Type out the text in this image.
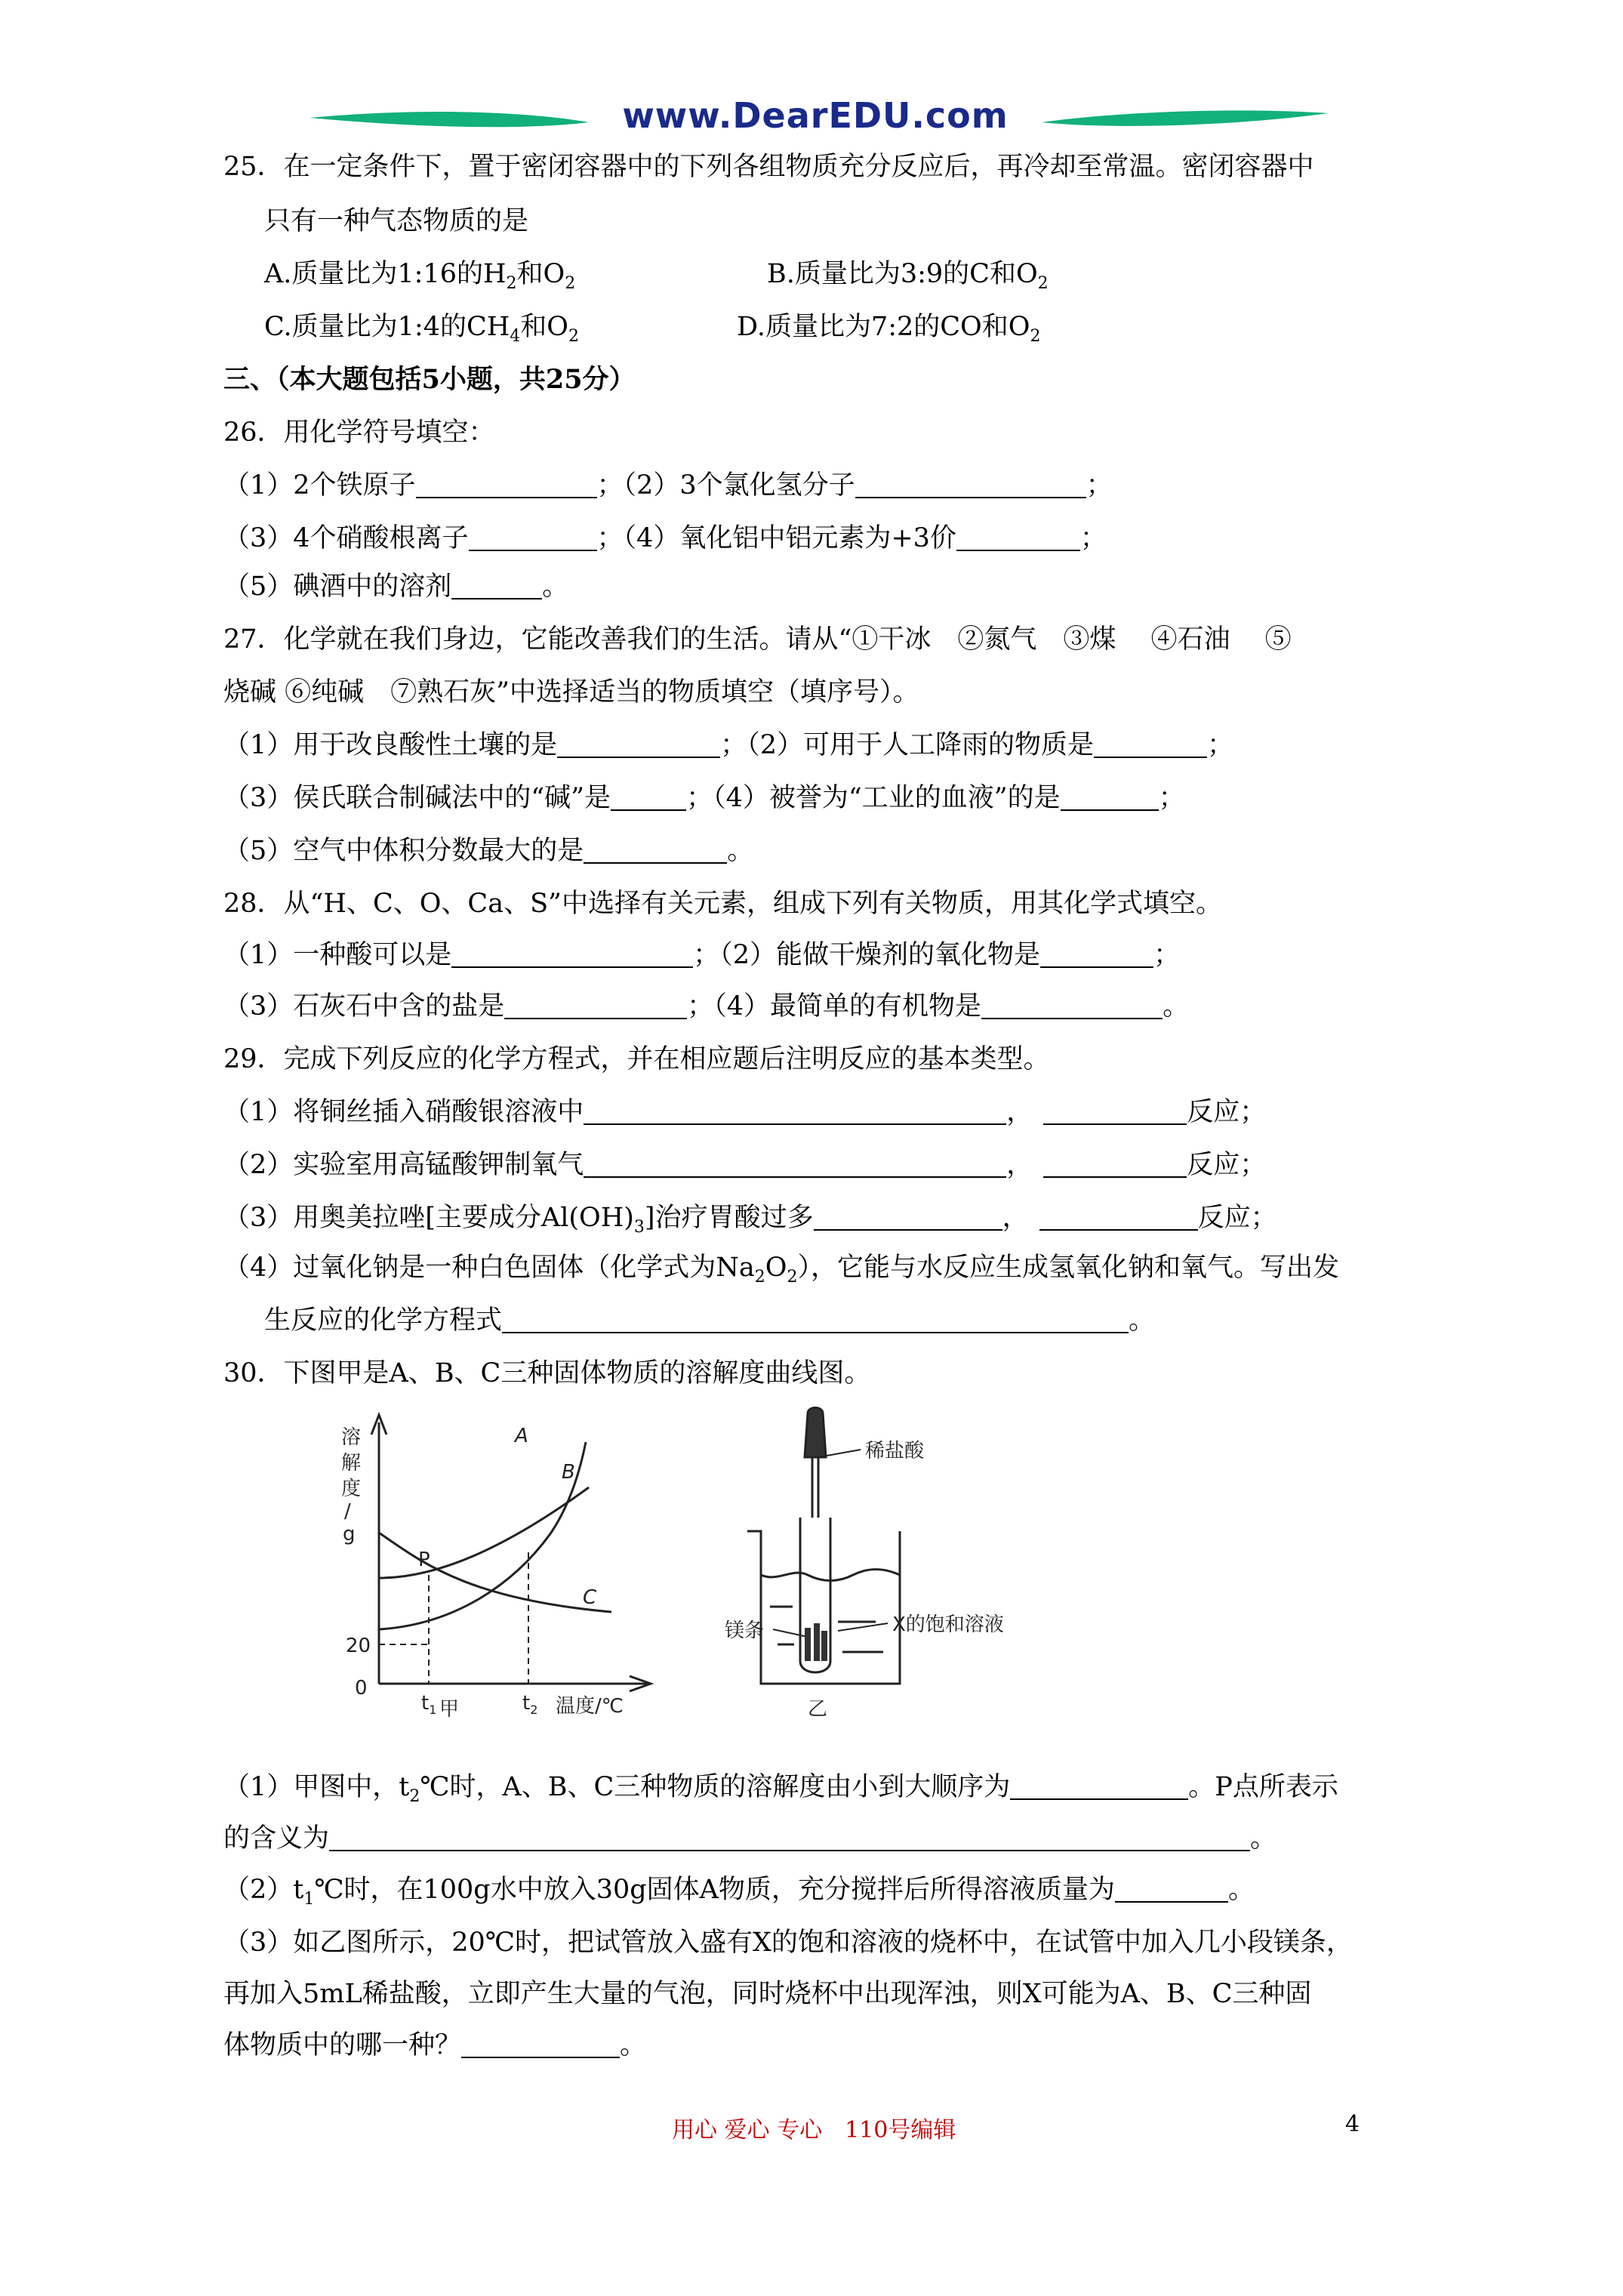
www.DearEDU.com
25．在一定条件下，置于密闭容器中的下列各组物质充分反应后，再冷却至常温。密闭容器中
只有一种气态物质的是
A.质量比为1:16的$H_2$和$O_2$	B.质量比为3:9的C和$O_2$
C.质量比为1:4的$CH_4$和$O_2$	D.质量比为7:2的CO和$O_2$
三、（本大题包括5小题，共25分）
26．用化学符号填空：
（1）2个铁原子	；（2）3个氯化氢分子	；
（3）4个硝酸根离子	；（4）氧化铝中铝元素为+3价	；
（5）碘酒中的溶剂	。
27．化学就在我们身边，它能改善我们的生活。请从“①干冰　②氮气　③煤　 ④石油　 ⑤
烧碱 ⑥纯碱　⑦熟石灰”中选择适当的物质填空（填序号）。
（1）用于改良酸性土壤的是	；（2）可用于人工降雨的物质是	；
（3）侯氏联合制碱法中的“碱”是	；（4）被誉为“工业的血液”的是	；
（5）空气中体积分数最大的是	。
28．从“H、C、O、Ca、S”中选择有关元素，组成下列有关物质，用其化学式填空。
（1）一种酸可以是	；（2）能做干燥剂的氧化物是	；
（3）石灰石中含的盐是	；（4）最简单的有机物是	。
29．完成下列反应的化学方程式，并在相应题后注明反应的基本类型。
（1）将铜丝插入硝酸银溶液中	，	反应；
（2）实验室用高锰酸钾制氧气	，	反应；
（3）用奥美拉唑[主要成分$Al(OH)_3$]治疗胃酸过多	，	反应；
（4）过氧化钠是一种白色固体（化学式为$Na_2O_2$），它能与水反应生成氢氧化钠和氧气。写出发
生反应的化学方程式	。
30．下图甲是A、B、C三种固体物质的溶解度曲线图。
溶
解
度
/
g
20
0
$t_1$	$t_2$ 温度/℃
A
B
C
P
甲
稀盐酸
镁条	X的饱和溶液
乙
（1）甲图中，$t_2℃$时，A、B、C三种物质的溶解度由小到大顺序为	。P点所表示
的含义为	。
$(2)t_1℃$时，在100g水中放入30g固体A物质，充分搅拌后所得溶液质量为	。
（3）如乙图所示，20℃时，把试管放入盛有X的饱和溶液的烧杯中，在试管中加入几小段镁条，
再加入5mL稀盐酸，立即产生大量的气泡，同时烧杯中出现浑浊，则X可能为A、B、C三种固
体物质中的哪一种？	。
用心 爱心 专心　110号编辑	4
